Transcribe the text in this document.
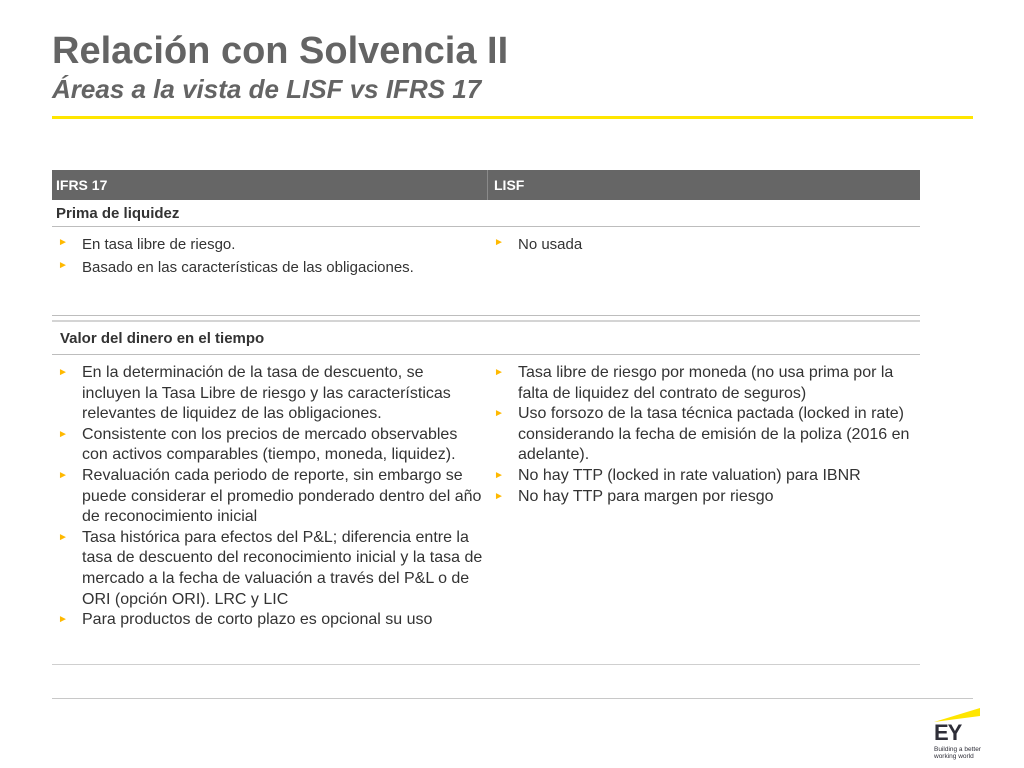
Relación con Solvencia II
Áreas a la vista de LISF vs IFRS 17
IFRS 17	LISF
Prima de liquidez
► En tasa libre de riesgo.
► Basado en las características de las obligaciones.
► No usada
Valor del dinero en el tiempo
► En la determinación de la tasa de descuento, se incluyen la Tasa Libre de riesgo y las características relevantes de liquidez de las obligaciones.
► Consistente con los precios de mercado observables con activos comparables (tiempo, moneda, liquidez).
► Revaluación cada periodo de reporte, sin embargo se puede considerar el promedio ponderado dentro del año de reconocimiento inicial
► Tasa histórica para efectos del P&L; diferencia entre la tasa de descuento del reconocimiento inicial y la tasa de mercado a la fecha de valuación a través del P&L o de ORI (opción ORI). LRC y LIC
► Para productos de corto plazo es opcional su uso
► Tasa libre de riesgo por moneda (no usa prima por la falta de liquidez del contrato de seguros)
► Uso forsozo de la tasa técnica pactada (locked in rate) considerando la fecha de emisión de la poliza (2016 en adelante).
► No hay TTP (locked in rate valuation) para IBNR
► No hay TTP para margen por riesgo
EY
Building a better working world
